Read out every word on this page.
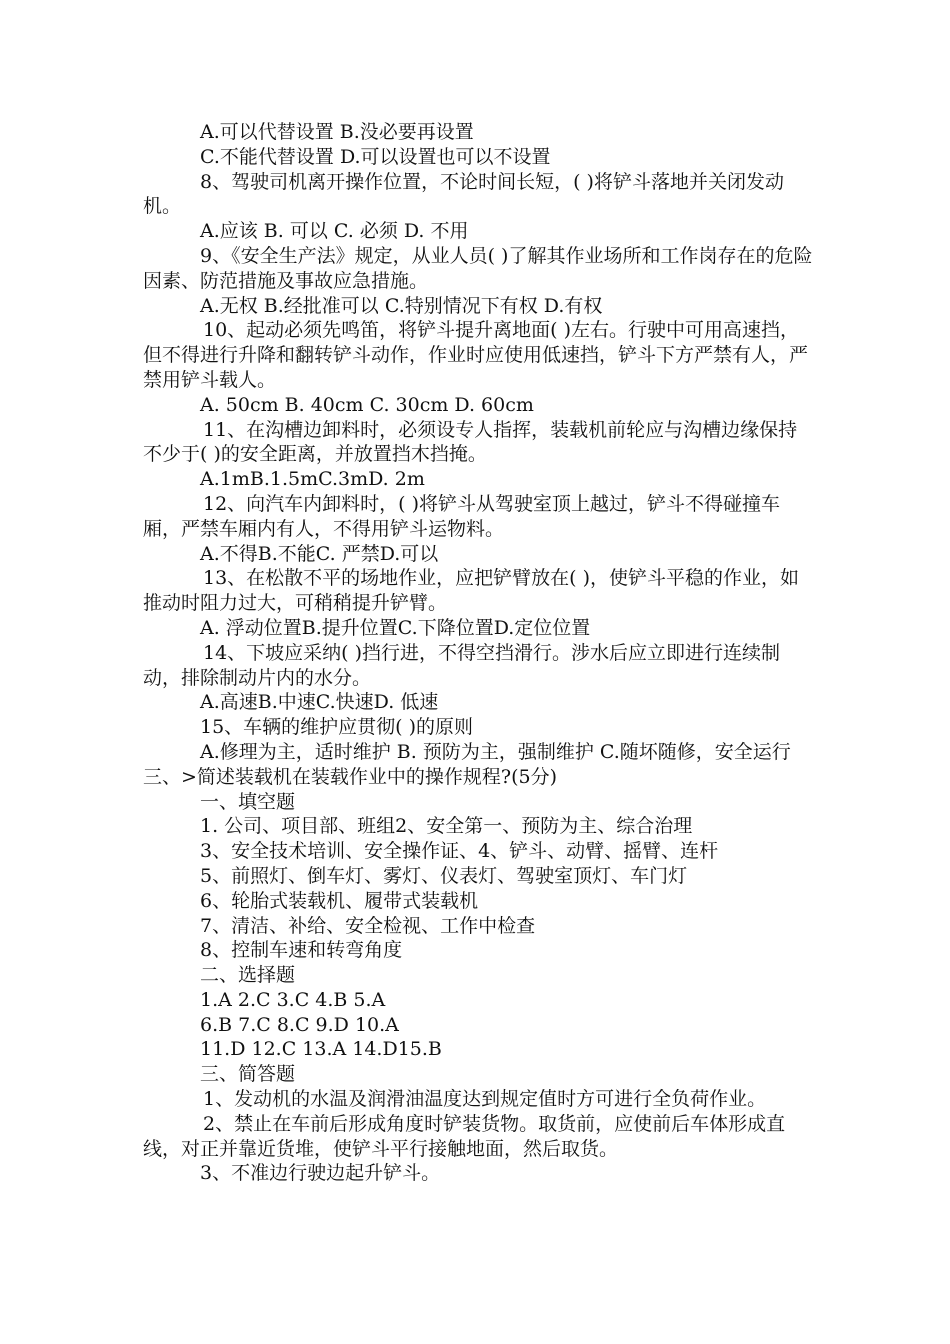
A.可以代替设置 B.没必要再设置

C.不能代替设置 D.可以设置也可以不设置

8、驾驶司机离开操作位置，不论时间长短，( )将铲斗落地并关闭发动机。

A.应该 B. 可以 C. 必须 D. 不用

9、《安全生产法》规定，从业人员( )了解其作业场所和工作岗存在的危险因素、防范措施及事故应急措施。

A.无权 B.经批准可以 C.特别情况下有权 D.有权

10、起动必须先鸣笛，将铲斗提升离地面( )左右。行驶中可用高速挡，但不得进行升降和翻转铲斗动作，作业时应使用低速挡，铲斗下方严禁有人，严禁用铲斗载人。

A. 50cm B. 40cm C. 30cm D. 60cm

11、在沟槽边卸料时，必须设专人指挥，装载机前轮应与沟槽边缘保持不少于( )的安全距离，并放置挡木挡掩。

A.1mB.1.5mC.3mD. 2m

12、向汽车内卸料时，( )将铲斗从驾驶室顶上越过，铲斗不得碰撞车厢，严禁车厢内有人，不得用铲斗运物料。

A.不得B.不能C. 严禁D.可以

13、在松散不平的场地作业，应把铲臂放在( )，使铲斗平稳的作业，如推动时阻力过大，可稍稍提升铲臂。

A. 浮动位置B.提升位置C.下降位置D.定位位置

14、下坡应采纳( )挡行进，不得空挡滑行。涉水后应立即进行连续制动，排除制动片内的水分。

A.高速B.中速C.快速D. 低速

15、车辆的维护应贯彻( )的原则

A.修理为主，适时维护 B. 预防为主，强制维护 C.随坏随修，安全运行三、>简述装载机在装载作业中的操作规程?(5分)

一、填空题

1. 公司、项目部、班组2、安全第一、预防为主、综合治理

3、安全技术培训、安全操作证、4、铲斗、动臂、摇臂、连杆

5、前照灯、倒车灯、雾灯、仪表灯、驾驶室顶灯、车门灯

6、轮胎式装载机、履带式装载机

7、清洁、补给、安全检视、工作中检查

8、控制车速和转弯角度

二、选择题

1.A 2.C 3.C 4.B 5.A

6.B 7.C 8.C 9.D 10.A

11.D 12.C 13.A 14.D15.B

三、简答题

1、发动机的水温及润滑油温度达到规定值时方可进行全负荷作业。

2、禁止在车前后形成角度时铲装货物。取货前，应使前后车体形成直线，对正并靠近货堆，使铲斗平行接触地面，然后取货。

3、不准边行驶边起升铲斗。
